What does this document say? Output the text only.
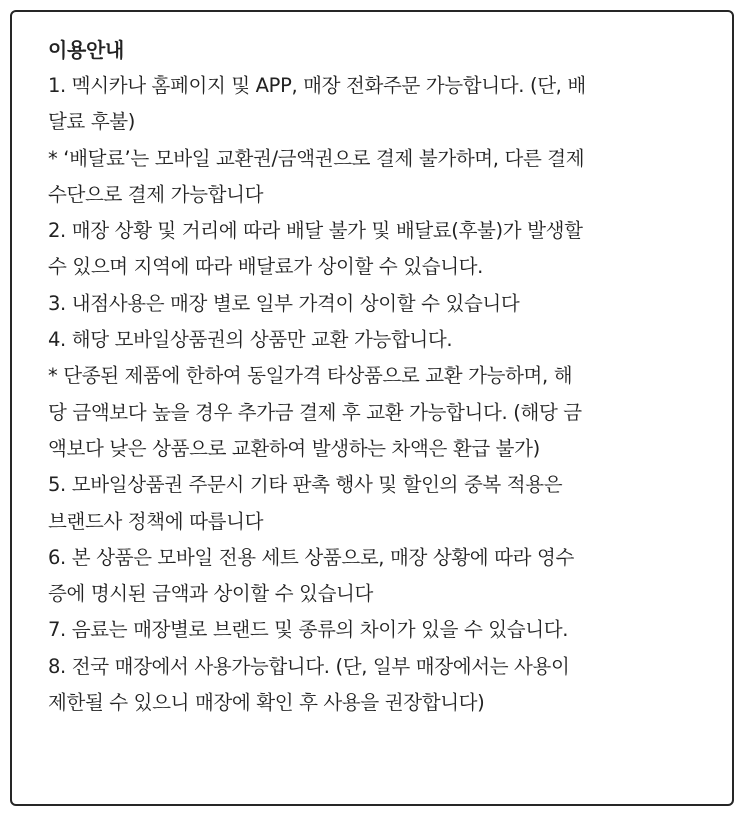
이용안내

1. 멕시카나 홈페이지 및 APP, 매장 전화주문 가능합니다. (단, 배

달료 후불)

* ‘배달료’는 모바일 교환권/금액권으로 결제 불가하며, 다른 결제

수단으로 결제 가능합니다

2. 매장 상황 및 거리에 따라 배달 불가 및 배달료(후불)가 발생할

수 있으며 지역에 따라 배달료가 상이할 수 있습니다.

3. 내점사용은 매장 별로 일부 가격이 상이할 수 있습니다

4. 해당 모바일상품권의 상품만 교환 가능합니다.

* 단종된 제품에 한하여 동일가격 타상품으로 교환 가능하며, 해

당 금액보다 높을 경우 추가금 결제 후 교환 가능합니다. (해당 금

액보다 낮은 상품으로 교환하여 발생하는 차액은 환급 불가)

5. 모바일상품권 주문시 기타 판촉 행사 및 할인의 중복 적용은

브랜드사 정책에 따릅니다

6. 본 상품은 모바일 전용 세트 상품으로, 매장 상황에 따라 영수

증에 명시된 금액과 상이할 수 있습니다

7. 음료는 매장별로 브랜드 및 종류의 차이가 있을 수 있습니다.

8. 전국 매장에서 사용가능합니다. (단, 일부 매장에서는 사용이

제한될 수 있으니 매장에 확인 후 사용을 권장합니다)
